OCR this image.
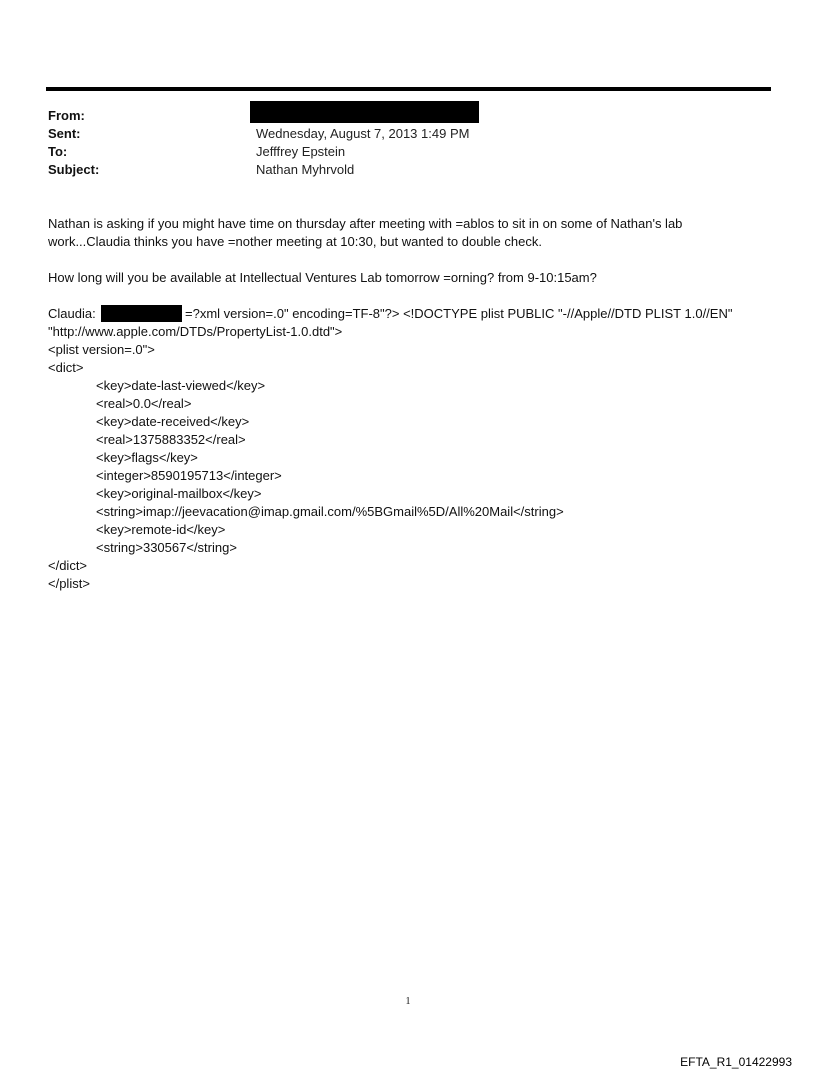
From:
Sent:	Wednesday, August 7, 2013 1:49 PM
To:	Jefffrey Epstein
Subject:	Nathan Myhrvold
Nathan is asking if you might have time on thursday after meeting with =ablos to sit in on some of Nathan's lab
work...Claudia thinks you have =nother meeting at 10:30, but wanted to double check.
How long will you be available at Intellectual Ventures Lab tomorrow =orning? from 9-10:15am?
Claudia:	=?xml version=.0" encoding=TF-8"?> <!DOCTYPE plist PUBLIC "-//Apple//DTD PLIST 1.0//EN"
"http://www.apple.com/DTDs/PropertyList-1.0.dtd">
<plist version=.0">
<dict>
<key>date-last-viewed</key>
<real>0.0</real>
<key>date-received</key>
<real>1375883352</real>
<key>flags</key>
<integer>8590195713</integer>
<key>original-mailbox</key>
<string>imap://jeevacation@imap.gmail.com/%5BGmail%5D/All%20Mail</string>
<key>remote-id</key>
<string>330567</string>
</dict>
</plist>
1
EFTA_R1_01422993
